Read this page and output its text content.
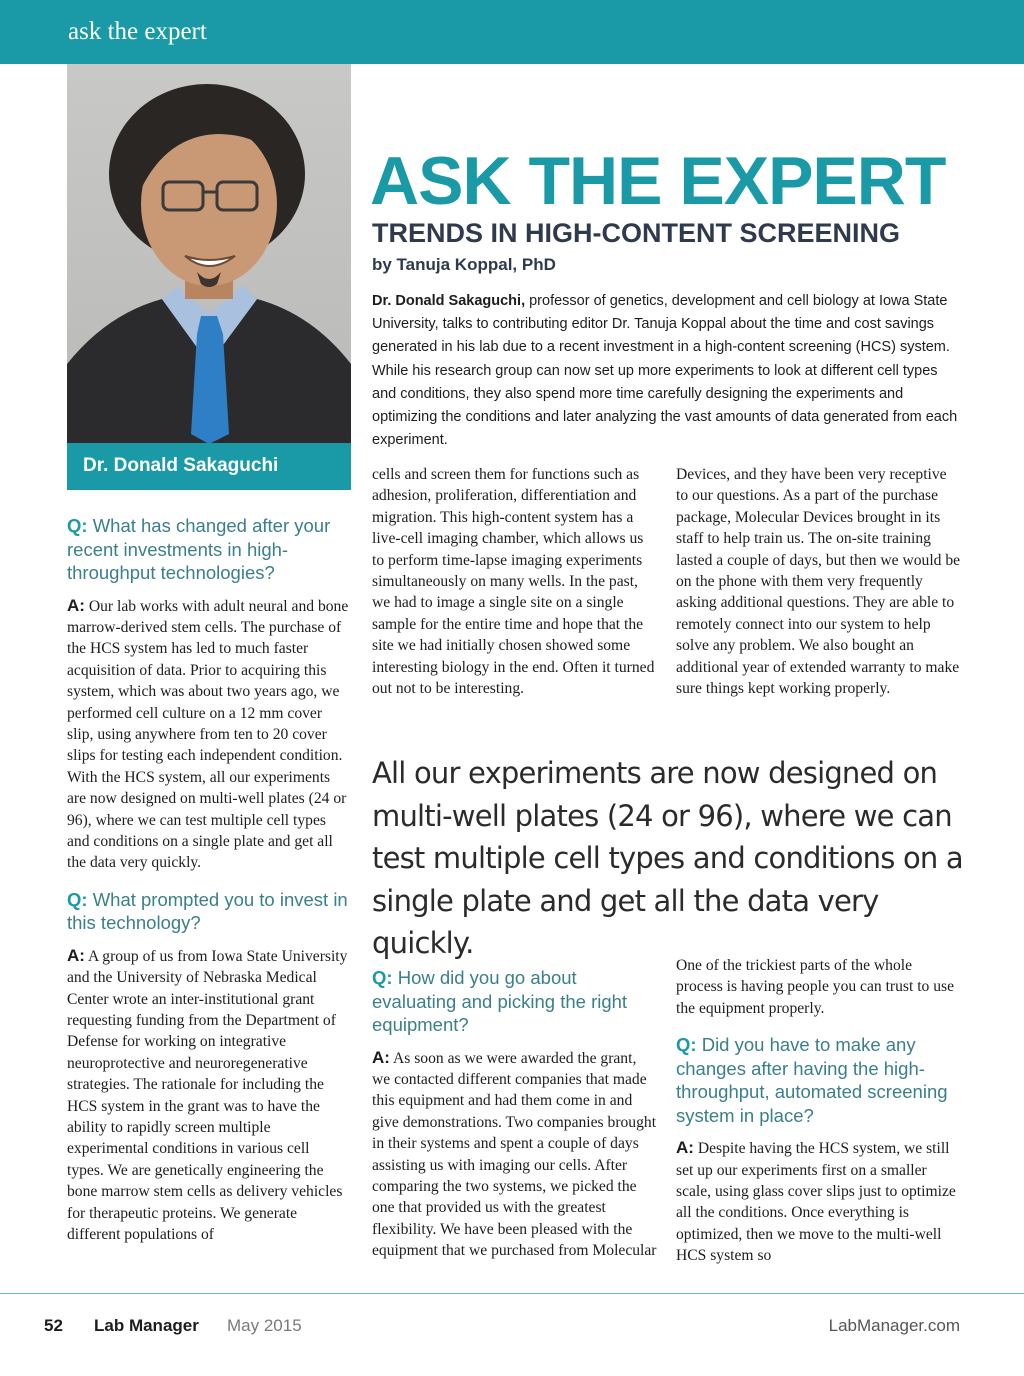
ask the expert
Dr. Donald Sakaguchi
ASK THE EXPERT
TRENDS IN HIGH-CONTENT SCREENING
by Tanuja Koppal, PhD
Dr. Donald Sakaguchi, professor of genetics, development and cell biology at Iowa State University, talks to contributing editor Dr. Tanuja Koppal about the time and cost savings generated in his lab due to a recent investment in a high-content screening (HCS) system. While his research group can now set up more experiments to look at different cell types and conditions, they also spend more time carefully designing the experiments and optimizing the conditions and later analyzing the vast amounts of data generated from each experiment.

Q: What has changed after your recent investments in high-throughput technologies?

A: Our lab works with adult neural and bone marrow-derived stem cells. The purchase of the HCS system has led to much faster acquisition of data. Prior to acquiring this system, which was about two years ago, we performed cell culture on a 12 mm cover slip, using anywhere from ten to 20 cover slips for testing each independent condition. With the HCS system, all our experiments are now designed on multi-well plates (24 or 96), where we can test multiple cell types and conditions on a single plate and get all the data very quickly.

Q: What prompted you to invest in this technology?

A: A group of us from Iowa State University and the University of Nebraska Medical Center wrote an inter-institutional grant requesting funding from the Department of Defense for working on integrative neuroprotective and neuroregenerative strategies. The rationale for including the HCS system in the grant was to have the ability to rapidly screen multiple experimental conditions in various cell types. We are genetically engineering the bone marrow stem cells as delivery vehicles for therapeutic proteins. We generate different populations of

cells and screen them for functions such as adhesion, proliferation, differentiation and migration. This high-content system has a live-cell imaging chamber, which allows us to perform time-lapse imaging experiments simultaneously on many wells. In the past, we had to image a single site on a single sample for the entire time and hope that the site we had initially chosen showed some interesting biology in the end. Often it turned out not to be interesting.

Devices, and they have been very receptive to our questions. As a part of the purchase package, Molecular Devices brought in its staff to help train us. The on-site training lasted a couple of days, but then we would be on the phone with them very frequently asking additional questions. They are able to remotely connect into our system to help solve any problem. We also bought an additional year of extended warranty to make sure things kept working properly.

All our experiments are now designed on multi-well plates (24 or 96), where we can test multiple cell types and conditions on a single plate and get all the data very quickly.

Q: How did you go about evaluating and picking the right equipment?

A: As soon as we were awarded the grant, we contacted different companies that made this equipment and had them come in and give demonstrations. Two companies brought in their systems and spent a couple of days assisting us with imaging our cells. After comparing the two systems, we picked the one that provided us with the greatest flexibility. We have been pleased with the equipment that we purchased from Molecular

One of the trickiest parts of the whole process is having people you can trust to use the equipment properly.

Q: Did you have to make any changes after having the high-throughput, automated screening system in place?

A: Despite having the HCS system, we still set up our experiments first on a smaller scale, using glass cover slips just to optimize all the conditions. Once everything is optimized, then we move to the multi-well HCS system so

52 Lab Manager May 2015	LabManager.com
